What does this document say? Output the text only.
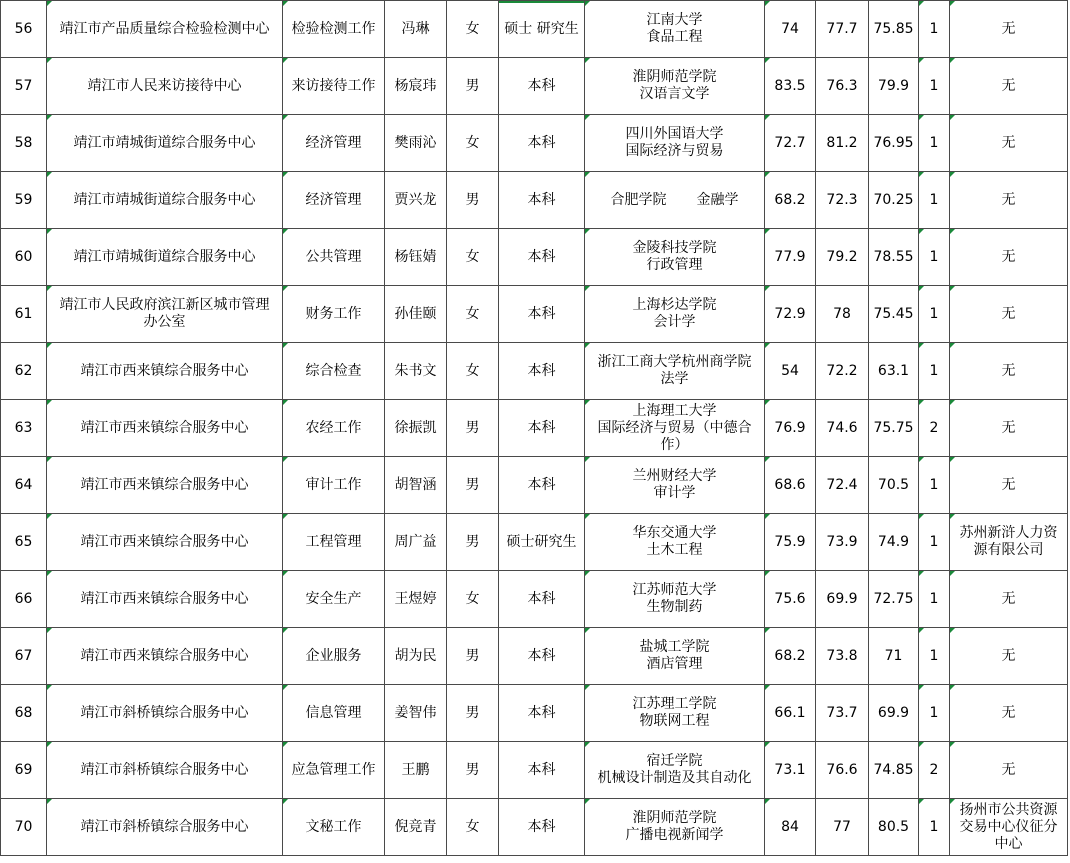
56	靖江市产品质量综合检验检测中心	检验检测工作	冯琳	女	硕士 研究生	江南大学
食品工程	74	77.7	75.85	1	无

57	靖江市人民来访接待中心	来访接待工作	杨宸玮	男	本科	淮阴师范学院
汉语言文学	83.5	76.3	79.9	1	无

58	靖江市靖城街道综合服务中心	经济管理	樊雨沁	女	本科	四川外国语大学
国际经济与贸易	72.7	81.2	76.95	1	无

59	靖江市靖城街道综合服务中心	经济管理	贾兴龙	男	本科	合肥学院 金融学	68.2	72.3	70.25	1	无

60	靖江市靖城街道综合服务中心	公共管理	杨钰婧	女	本科	金陵科技学院
行政管理	77.9	79.2	78.55	1	无

61	靖江市人民政府滨江新区城市管理
办公室	财务工作	孙佳颐	女	本科	上海杉达学院
会计学	72.9	78	75.45	1	无

62	靖江市西来镇综合服务中心	综合检查	朱书文	女	本科	浙江工商大学杭州商学院
法学	54	72.2	63.1	1	无

63	靖江市西来镇综合服务中心	农经工作	徐振凯	男	本科	上海理工大学
国际经济与贸易（中德合
作）	76.9	74.6	75.75	2	无

64	靖江市西来镇综合服务中心	审计工作	胡智涵	男	本科	兰州财经大学
审计学	68.6	72.4	70.5	1	无

65	靖江市西来镇综合服务中心	工程管理	周广益	男	硕士研究生	华东交通大学
土木工程	75.9	73.9	74.9	1	苏州新浒人力资
源有限公司

66	靖江市西来镇综合服务中心	安全生产	王煜婷	女	本科	江苏师范大学
生物制药	75.6	69.9	72.75	1	无

67	靖江市西来镇综合服务中心	企业服务	胡为民	男	本科	盐城工学院
酒店管理	68.2	73.8	71	1	无

68	靖江市斜桥镇综合服务中心	信息管理	姜智伟	男	本科	江苏理工学院
物联网工程	66.1	73.7	69.9	1	无

69	靖江市斜桥镇综合服务中心	应急管理工作	王鹏	男	本科	宿迁学院
机械设计制造及其自动化	73.1	76.6	74.85	2	无

70	靖江市斜桥镇综合服务中心	文秘工作	倪竞青	女	本科	淮阴师范学院
广播电视新闻学	84	77	80.5	1	扬州市公共资源
交易中心仪征分
中心
